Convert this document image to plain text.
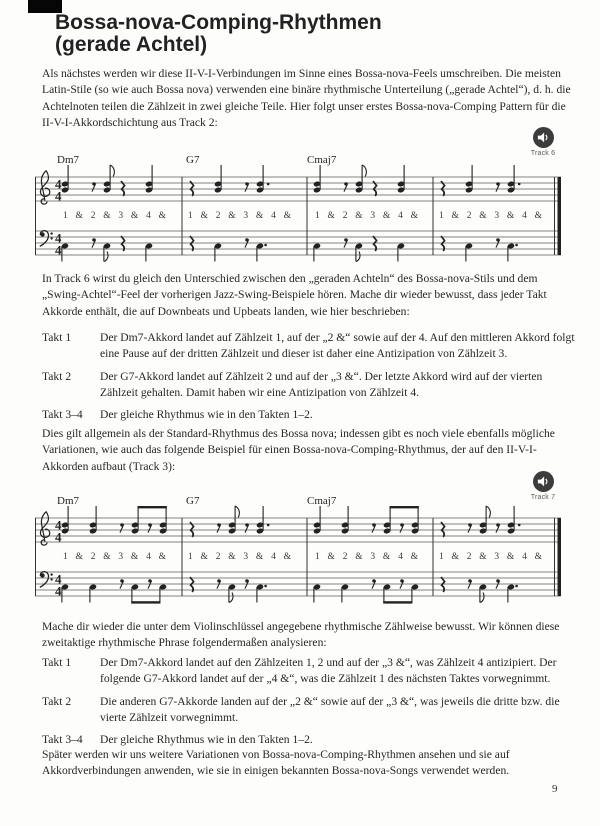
Bossa-nova-Comping-Rhythmen
(gerade Achtel)

Als nächstes werden wir diese II-V-I-Verbindungen im Sinne eines Bossa-nova-Feels umschreiben. Die meisten Latin-Stile (so wie auch Bossa nova) verwenden eine binäre rhythmische Unterteilung („gerade Achtel“), d. h. die Achtelnoten teilen die Zählzeit in zwei gleiche Teile. Hier folgt unser erstes Bossa-nova-Comping Pattern für die II-V-I-Akkordschichtung aus Track 2:

Track 6
4
4
4
4
Dm7	G7	Cmaj7
1 & 2 & 3 & 4 & 1 & 2 & 3 & 4 &	1 & 2 & 3 & 4 & 1 & 2 & 3 & 4 &

In Track 6 wirst du gleich den Unterschied zwischen den „geraden Achteln“ des Bossa-nova-Stils und dem „Swing-Achtel“-Feel der vorherigen Jazz-Swing-Beispiele hören. Mache dir wieder bewusst, dass jeder Takt Akkorde enthält, die auf Downbeats und Upbeats landen, wie hier beschrieben:

Takt 1	Der Dm7-Akkord landet auf Zählzeit 1, auf der „2 &“ sowie auf der 4. Auf den mittleren Akkord folgt eine Pause auf der dritten Zählzeit und dieser ist daher eine Antizipation von Zählzeit 3.
Takt 2	Der G7-Akkord landet auf Zählzeit 2 und auf der „3 &“. Der letzte Akkord wird auf der vierten Zählzeit gehalten. Damit haben wir eine Antizipation von Zählzeit 4.
Takt 3–4	Der gleiche Rhythmus wie in den Takten 1–2.

Dies gilt allgemein als der Standard-Rhythmus des Bossa nova; indessen gibt es noch viele ebenfalls mögliche Variationen, wie auch das folgende Beispiel für einen Bossa-nova-Comping-Rhythmus, der auf den II-V-I-Akkorden aufbaut (Track 3):

Track 7
4
4
4
4
Dm7	G7	Cmaj7
1 & 2 & 3 & 4 & 1 & 2 & 3 & 4 &	1 & 2 & 3 & 4 & 1 & 2 & 3 & 4 &

Mache dir wieder die unter dem Violinschlüssel angegebene rhythmische Zählweise bewusst. Wir können diese zweitaktige rhythmische Phrase folgendermaßen analysieren:

Takt 1	Der Dm7-Akkord landet auf den Zählzeiten 1, 2 und auf der „3 &“, was Zählzeit 4 antizipiert. Der folgende G7-Akkord landet auf der „4 &“, was die Zählzeit 1 des nächsten Taktes vorwegnimmt.
Takt 2	Die anderen G7-Akkorde landen auf der „2 &“ sowie auf der „3 &“, was jeweils die dritte bzw. die vierte Zählzeit vorwegnimmt.
Takt 3–4	Der gleiche Rhythmus wie in den Takten 1–2.

Später werden wir uns weitere Variationen von Bossa-nova-Comping-Rhythmen ansehen und sie auf Akkordverbindungen anwenden, wie sie in einigen bekannten Bossa-nova-Songs verwendet werden.

9
